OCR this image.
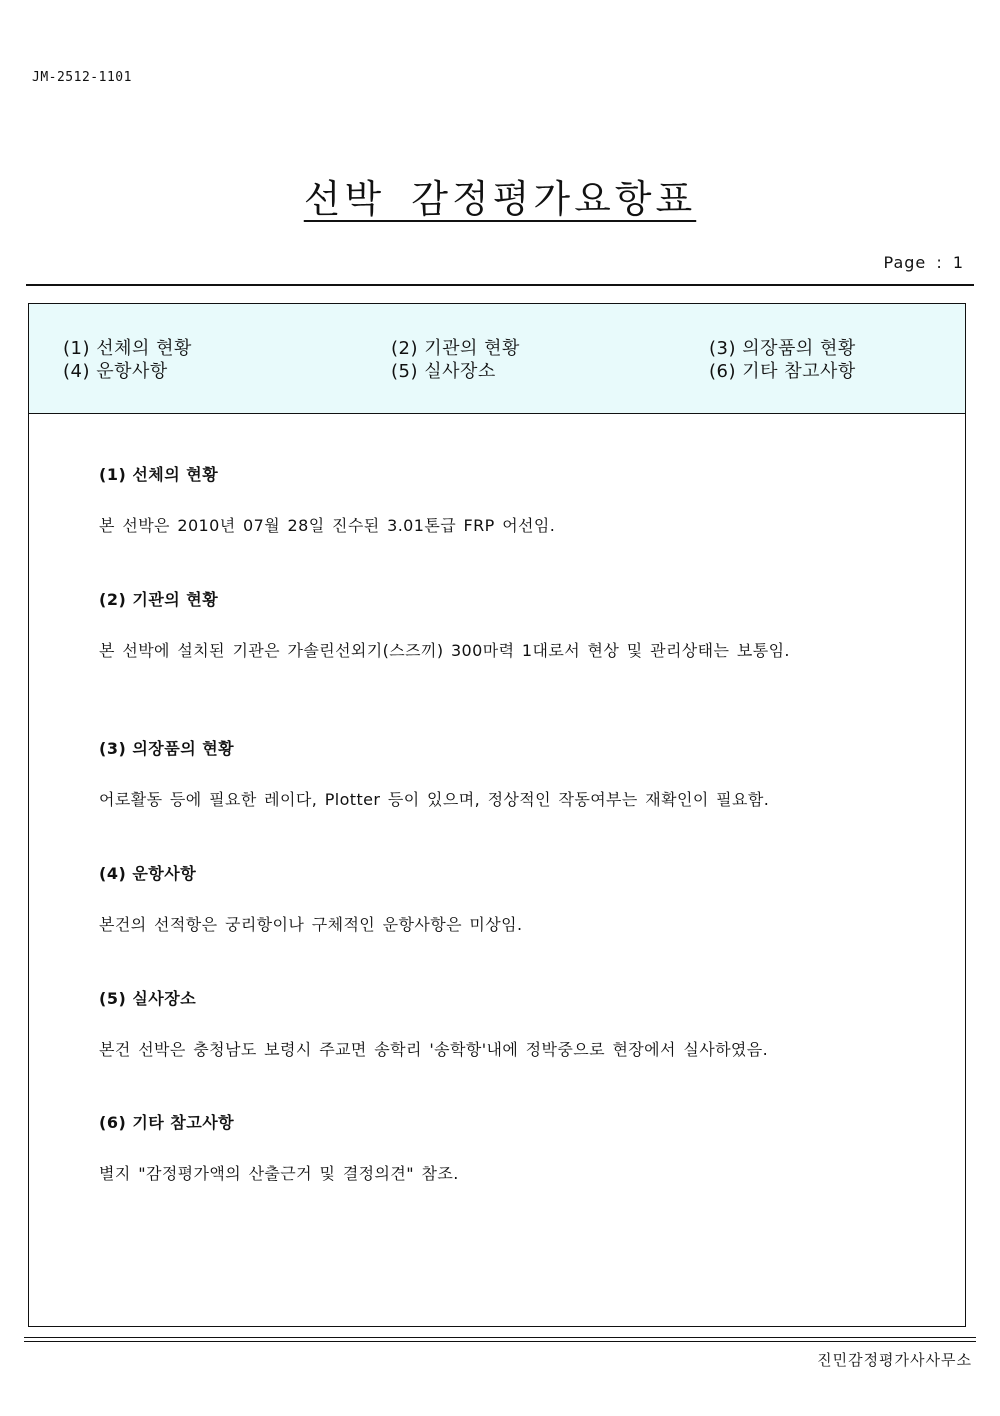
JM-2512-1101
선박 감정평가요항표
Page : 1
(1) 선체의 현황	(2) 기관의 현황	(3) 의장품의 현황
(4) 운항사항	(5) 실사장소	(6) 기타 참고사항
(1) 선체의 현황
본 선박은 2010년 07월 28일 진수된 3.01톤급 FRP 어선임.
(2) 기관의 현황
본 선박에 설치된 기관은 가솔린선외기(스즈끼) 300마력 1대로서 현상 및 관리상태는 보통임.
(3) 의장품의 현황
어로활동 등에 필요한 레이다, Plotter 등이 있으며, 정상적인 작동여부는 재확인이 필요함.
(4) 운항사항
본건의 선적항은 궁리항이나 구체적인 운항사항은 미상임.
(5) 실사장소
본건 선박은 충청남도 보령시 주교면 송학리 '송학항'내에 정박중으로 현장에서 실사하였음.
(6) 기타 참고사항
별지 "감정평가액의 산출근거 및 결정의견" 참조.
진민감정평가사사무소
